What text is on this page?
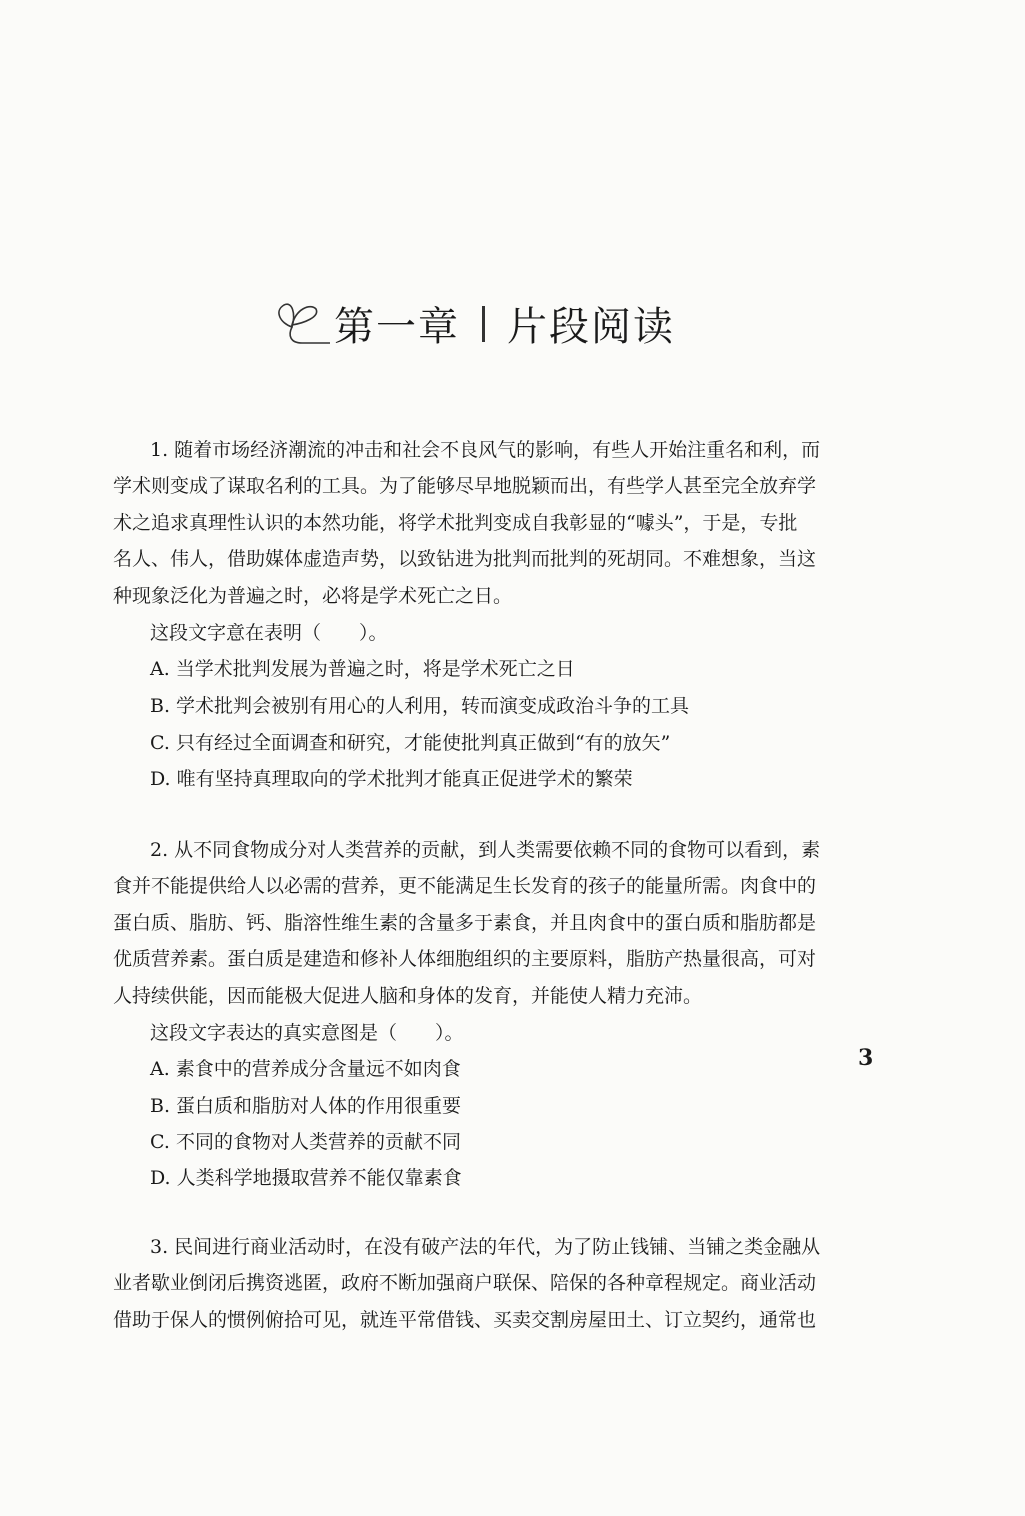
第一章 片段阅读
1. 随着市场经济潮流的冲击和社会不良风气的影响，有些人开始注重名和利，而
学术则变成了谋取名利的工具。为了能够尽早地脱颖而出，有些学人甚至完全放弃学
术之追求真理性认识的本然功能，将学术批判变成自我彰显的“噱头”，于是，专批
名人、伟人，借助媒体虚造声势，以致钻进为批判而批判的死胡同。不难想象，当这
种现象泛化为普遍之时，必将是学术死亡之日。
这段文字意在表明（　　）。
A. 当学术批判发展为普遍之时，将是学术死亡之日
B. 学术批判会被别有用心的人利用，转而演变成政治斗争的工具
C. 只有经过全面调查和研究，才能使批判真正做到“有的放矢”
D. 唯有坚持真理取向的学术批判才能真正促进学术的繁荣
2. 从不同食物成分对人类营养的贡献，到人类需要依赖不同的食物可以看到，素
食并不能提供给人以必需的营养，更不能满足生长发育的孩子的能量所需。肉食中的
蛋白质、脂肪、钙、脂溶性维生素的含量多于素食，并且肉食中的蛋白质和脂肪都是
优质营养素。蛋白质是建造和修补人体细胞组织的主要原料，脂肪产热量很高，可对
人持续供能，因而能极大促进人脑和身体的发育，并能使人精力充沛。
这段文字表达的真实意图是（　　）。
A. 素食中的营养成分含量远不如肉食
B. 蛋白质和脂肪对人体的作用很重要
C. 不同的食物对人类营养的贡献不同
D. 人类科学地摄取营养不能仅靠素食
3. 民间进行商业活动时，在没有破产法的年代，为了防止钱铺、当铺之类金融从
业者歇业倒闭后携资逃匿，政府不断加强商户联保、陪保的各种章程规定。商业活动
借助于保人的惯例俯拾可见，就连平常借钱、买卖交割房屋田土、订立契约，通常也
3
